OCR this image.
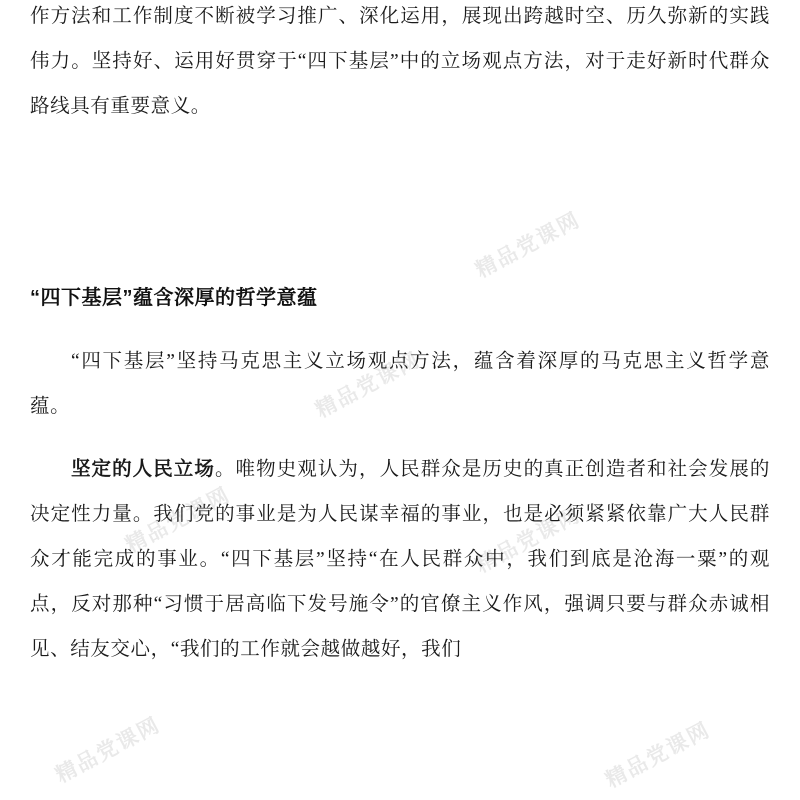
精品党课网
精品党课网
精品党课网
精品党课网
精品党课网	精品党课网

作方法和工作制度不断被学习推广、深化运用，展现出跨越时空、历久弥新的实践伟力。坚持好、运用好贯穿于“四下基层”中的立场观点方法，对于走好新时代群众路线具有重要意义。

“四下基层”蕴含深厚的哲学意蕴

“四下基层”坚持马克思主义立场观点方法，蕴含着深厚的马克思主义哲学意蕴。

坚定的人民立场。唯物史观认为，人民群众是历史的真正创造者和社会发展的决定性力量。我们党的事业是为人民谋幸福的事业，也是必须紧紧依靠广大人民群众才能完成的事业。“四下基层”坚持“在人民群众中，我们到底是沧海一粟”的观点，反对那种“习惯于居高临下发号施令”的官僚主义作风，强调只要与群众赤诚相见、结友交心，“我们的工作就会越做越好，我们
